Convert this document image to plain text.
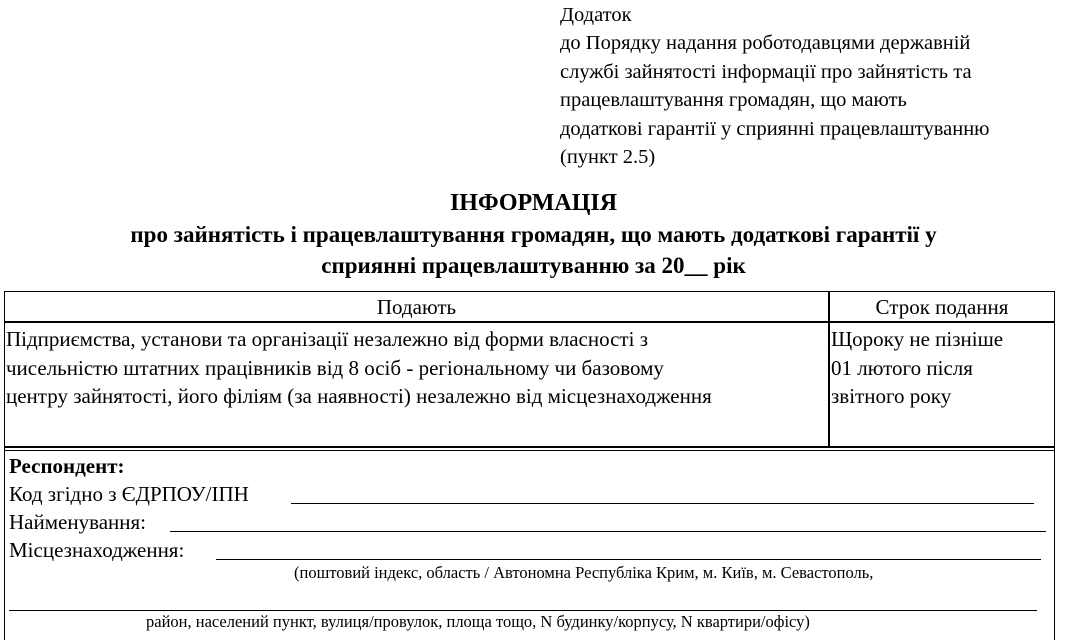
Додаток
до Порядку надання роботодавцями державній
службі зайнятості інформації про зайнятість та
працевлаштування громадян, що мають
додаткові гарантії у сприянні працевлаштуванню
(пункт 2.5)
ІНФОРМАЦІЯ
про зайнятість і працевлаштування громадян, що мають додаткові гарантії у
сприянні працевлаштуванню за 20__ рік
Подають	Строк подання
Підприємства, установи та організації незалежно від форми власності з
чисельністю штатних працівників від 8 осіб - регіональному чи базовому
центру зайнятості, його філіям (за наявності) незалежно від місцезнаходження
Щороку не пізніше
01 лютого після
звітного року
Респондент:
Код згідно з ЄДРПОУ/ІПН
Найменування:
Місцезнаходження:
(поштовий індекс, область / Автономна Республіка Крим, м. Київ, м. Севастополь,
район, населений пункт, вулиця/провулок, площа тощо, N будинку/корпусу, N квартири/офісу)
